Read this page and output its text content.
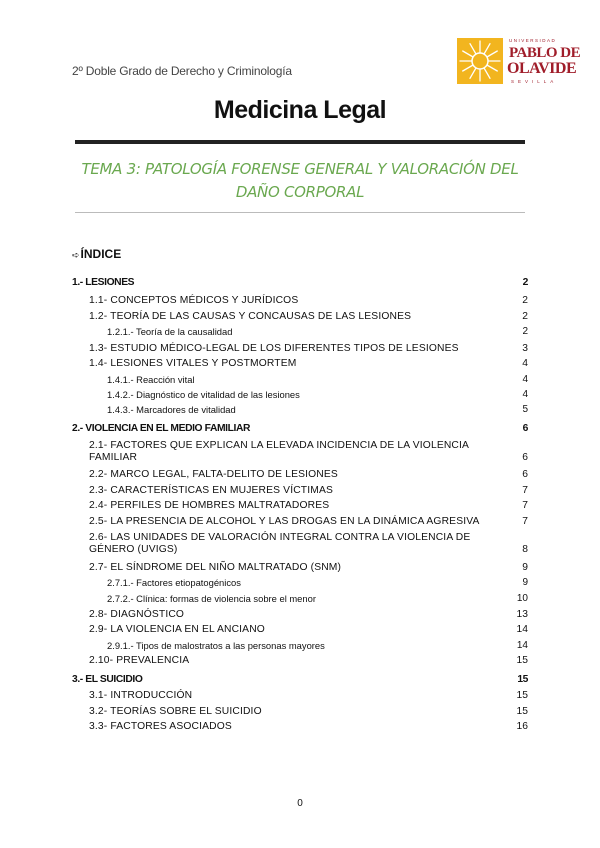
2º Doble Grado de Derecho y Criminología
UNIVERSIDAD
PABLO DE
OLAVIDE
SEVILLA
Medicina Legal
TEMA 3: PATOLOGÍA FORENSE GENERAL Y VALORACIÓN DEL DAÑO CORPORAL
➪ÍNDICE
1.- LESIONES	2
1.1- CONCEPTOS MÉDICOS Y JURÍDICOS	2
1.2- TEORÍA DE LAS CAUSAS Y CONCAUSAS DE LAS LESIONES	2
1.2.1.- Teoría de la causalidad	2
1.3- ESTUDIO MÉDICO-LEGAL DE LOS DIFERENTES TIPOS DE LESIONES	3
1.4- LESIONES VITALES Y POSTMORTEM	4
1.4.1.- Reacción vital	4
1.4.2.- Diagnóstico de vitalidad de las lesiones	4
1.4.3.- Marcadores de vitalidad	5
2.- VIOLENCIA EN EL MEDIO FAMILIAR	6
2.1- FACTORES QUE EXPLICAN LA ELEVADA INCIDENCIA DE LA VIOLENCIA FAMILIAR	6
2.2- MARCO LEGAL, FALTA-DELITO DE LESIONES	6
2.3- CARACTERÍSTICAS EN MUJERES VÍCTIMAS	7
2.4- PERFILES DE HOMBRES MALTRATADORES	7
2.5- LA PRESENCIA DE ALCOHOL Y LAS DROGAS EN LA DINÁMICA AGRESIVA	7
2.6- LAS UNIDADES DE VALORACIÓN INTEGRAL CONTRA LA VIOLENCIA DE GÉNERO (UVIGS)	8
2.7- EL SÍNDROME DEL NIÑO MALTRATADO (SNM)	9
2.7.1.- Factores etiopatogénicos	9
2.7.2.- Clínica: formas de violencia sobre el menor	10
2.8- DIAGNÓSTICO	13
2.9- LA VIOLENCIA EN EL ANCIANO	14
2.9.1.- Tipos de malostratos a las personas mayores	14
2.10- PREVALENCIA	15
3.- EL SUICIDIO	15
3.1- INTRODUCCIÓN	15
3.2- TEORÍAS SOBRE EL SUICIDIO	15
3.3- FACTORES ASOCIADOS	16
0
